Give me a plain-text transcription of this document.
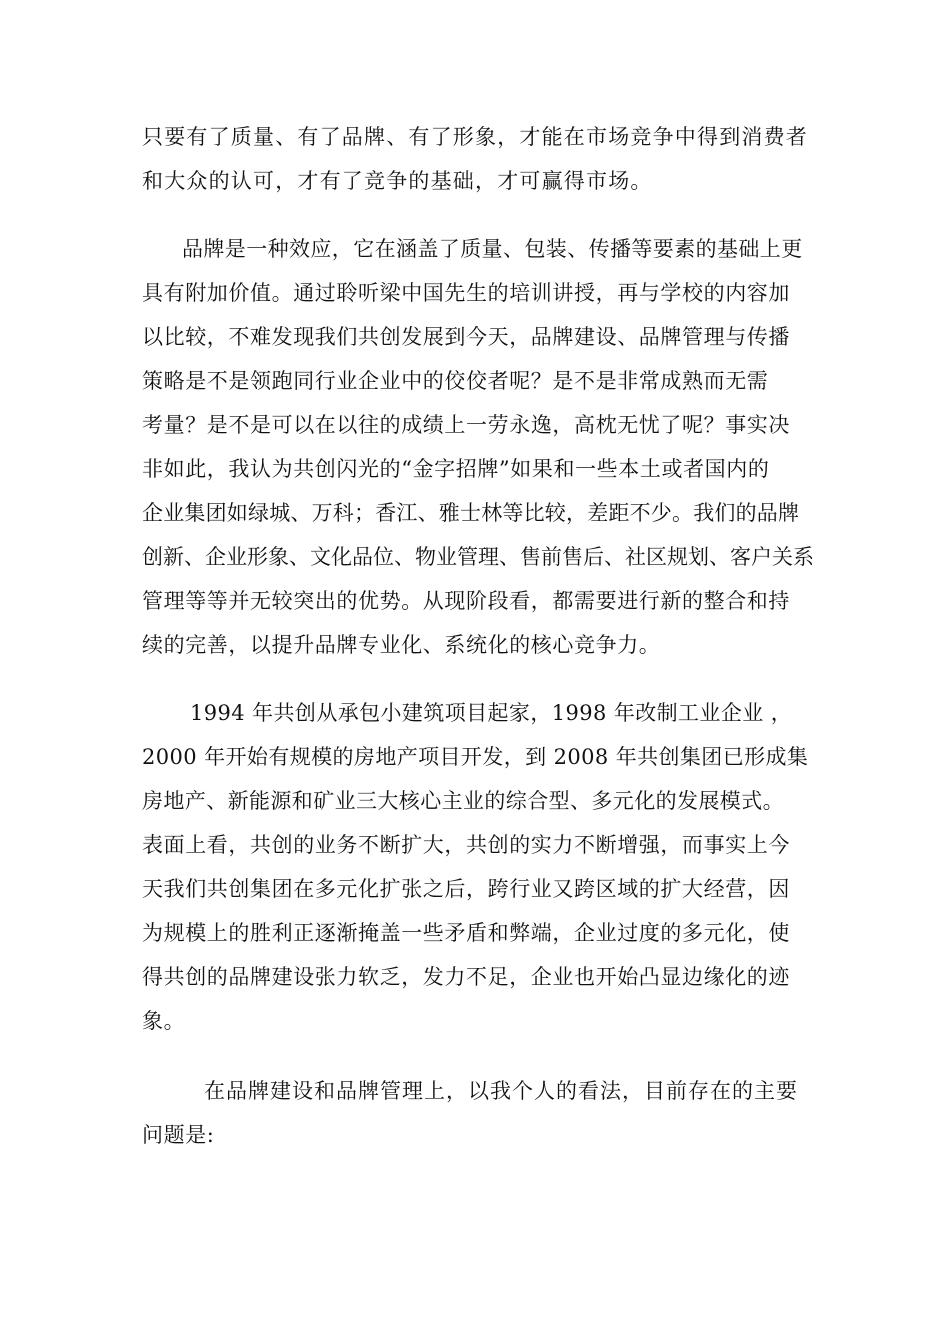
只要有了质量、有了品牌、有了形象，才能在市场竞争中得到消费者
和大众的认可，才有了竞争的基础，才可赢得市场。
品牌是一种效应，它在涵盖了质量、包装、传播等要素的基础上更
具有附加价值。通过聆听梁中国先生的培训讲授，再与学校的内容加
以比较，不难发现我们共创发展到今天，品牌建设、品牌管理与传播
策略是不是领跑同行业企业中的佼佼者呢？是不是非常成熟而无需
考量？是不是可以在以往的成绩上一劳永逸，高枕无忧了呢？事实决
非如此，我认为共创闪光的“金字招牌”如果和一些本土或者国内的
企业集团如绿城、万科；香江、雅士林等比较，差距不少。我们的品牌
创新、企业形象、文化品位、物业管理、售前售后、社区规划、客户关系
管理等等并无较突出的优势。从现阶段看，都需要进行新的整合和持
续的完善，以提升品牌专业化、系统化的核心竞争力。
1994 年共创从承包小建筑项目起家，1998 年改制工业企业 ，
2000 年开始有规模的房地产项目开发，到 2008 年共创集团已形成集
房地产、新能源和矿业三大核心主业的综合型、多元化的发展模式。
表面上看，共创的业务不断扩大，共创的实力不断增强，而事实上今
天我们共创集团在多元化扩张之后，跨行业又跨区域的扩大经营，因
为规模上的胜利正逐渐掩盖一些矛盾和弊端，企业过度的多元化，使
得共创的品牌建设张力软乏，发力不足，企业也开始凸显边缘化的迹
象。
在品牌建设和品牌管理上，以我个人的看法，目前存在的主要
问题是:
